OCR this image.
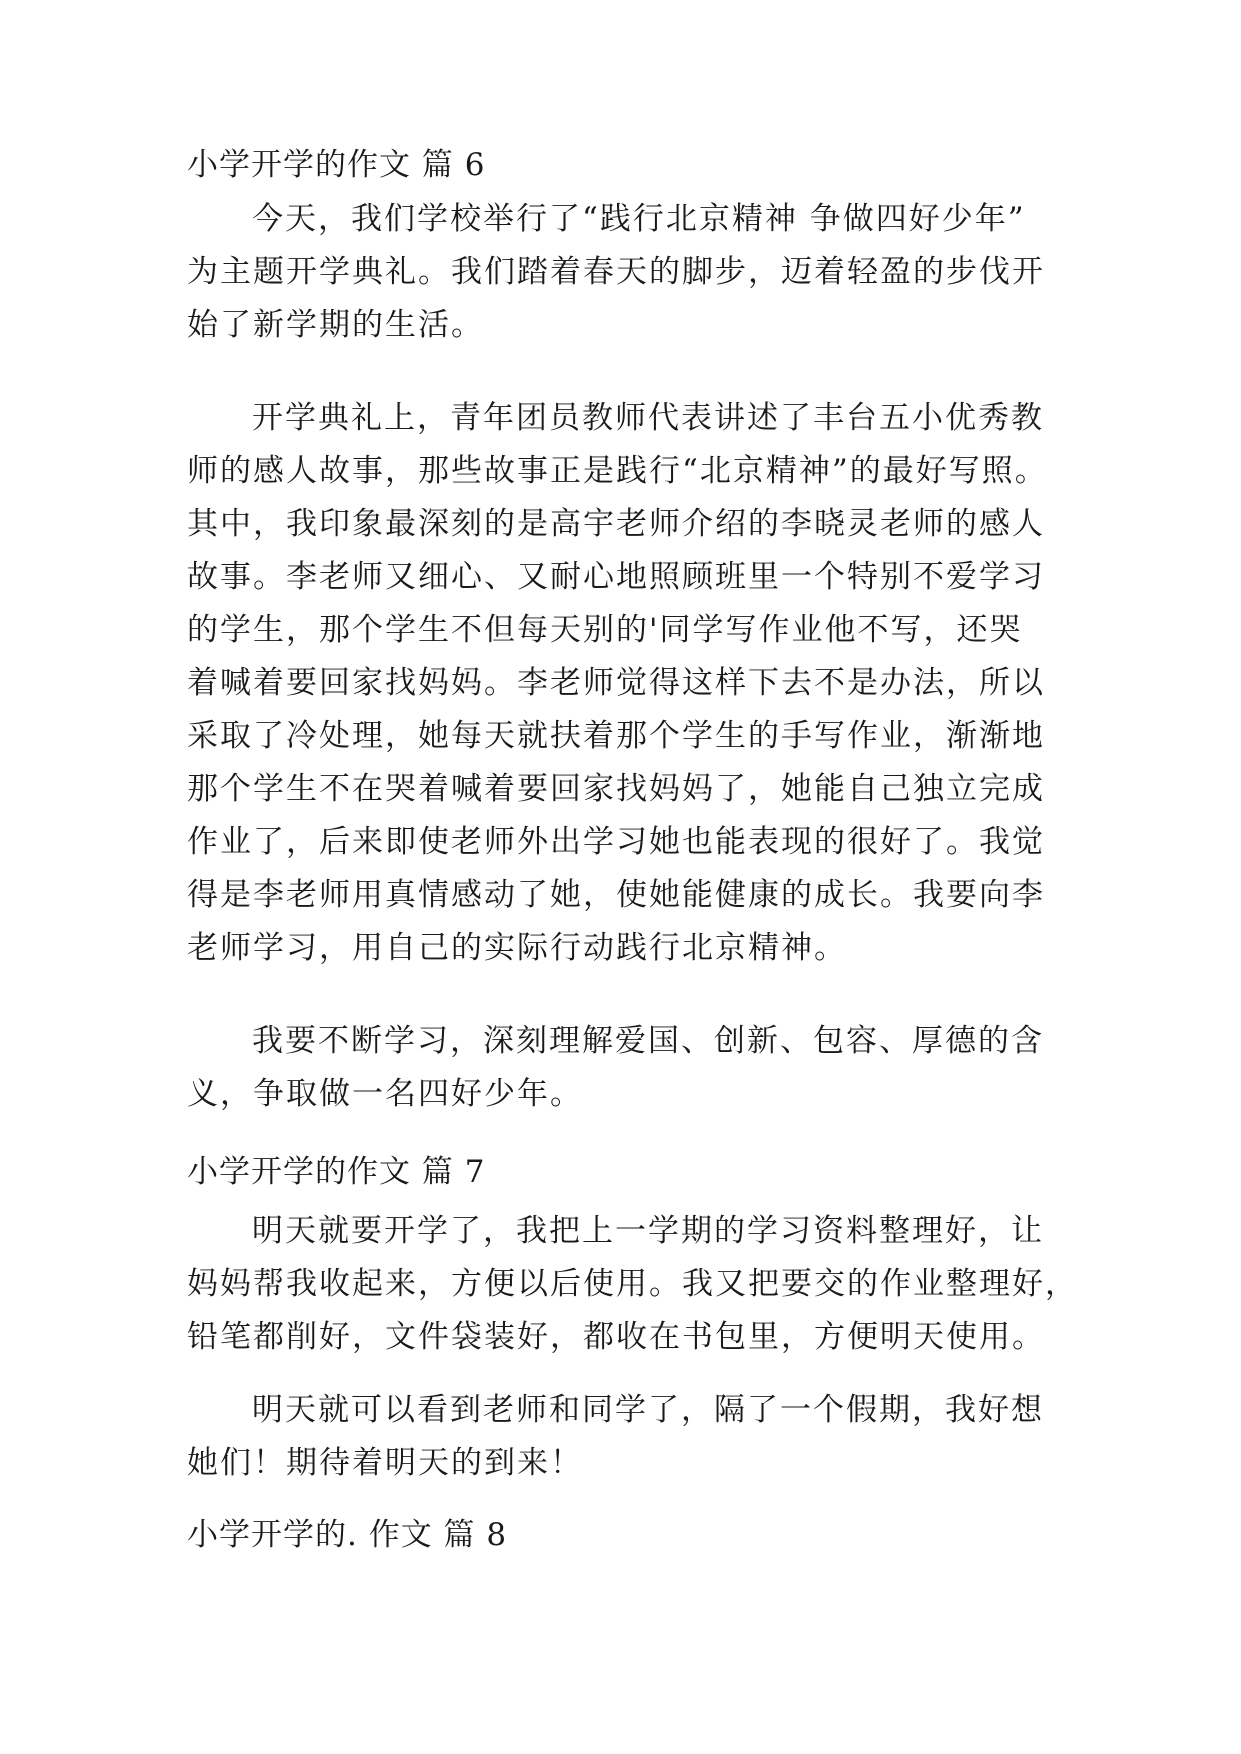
小学开学的作文 篇 6
今天，我们学校举行了“践行北京精神 争做四好少年”
为主题开学典礼。我们踏着春天的脚步，迈着轻盈的步伐开
始了新学期的生活。
开学典礼上，青年团员教师代表讲述了丰台五小优秀教
师的感人故事，那些故事正是践行“北京精神”的最好写照。
其中，我印象最深刻的是高宇老师介绍的李晓灵老师的感人
故事。李老师又细心、又耐心地照顾班里一个特别不爱学习
的学生，那个学生不但每天别的'同学写作业他不写，还哭
着喊着要回家找妈妈。李老师觉得这样下去不是办法，所以
采取了冷处理，她每天就扶着那个学生的手写作业，渐渐地
那个学生不在哭着喊着要回家找妈妈了，她能自己独立完成
作业了，后来即使老师外出学习她也能表现的很好了。我觉
得是李老师用真情感动了她，使她能健康的成长。我要向李
老师学习，用自己的实际行动践行北京精神。
我要不断学习，深刻理解爱国、创新、包容、厚德的含
义，争取做一名四好少年。
小学开学的作文 篇 7
明天就要开学了，我把上一学期的学习资料整理好，让
妈妈帮我收起来，方便以后使用。我又把要交的作业整理好，
铅笔都削好，文件袋装好，都收在书包里，方便明天使用。
明天就可以看到老师和同学了，隔了一个假期，我好想
她们！期待着明天的到来！
小学开学的. 作文 篇 8
